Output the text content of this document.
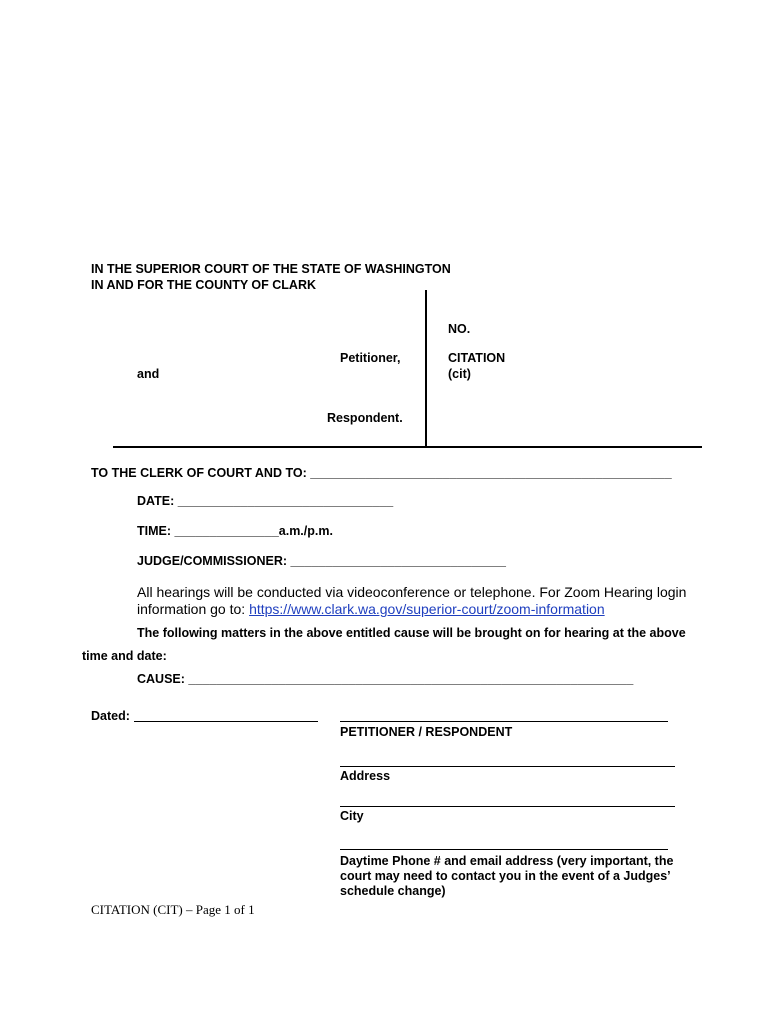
IN THE SUPERIOR COURT OF THE STATE OF WASHINGTON
IN AND FOR THE COUNTY OF CLARK
Petitioner,
and
Respondent.
NO.
CITATION
(cit)
TO THE CLERK OF COURT AND TO: ____________________________________________________
DATE: _______________________________
TIME: _______________a.m./p.m.
JUDGE/COMMISSIONER: _______________________________
All hearings will be conducted via videoconference or telephone. For Zoom Hearing login
information go to: https://www.clark.wa.gov/superior-court/zoom-information
The following matters in the above entitled cause will be brought on for hearing at the above
time and date:
CAUSE: ________________________________________________________________
Dated:
PETITIONER / RESPONDENT
Address
City
Daytime Phone # and email address (very important, the
court may need to contact you in the event of a Judges’
schedule change)
CITATION (CIT) – Page 1 of 1
